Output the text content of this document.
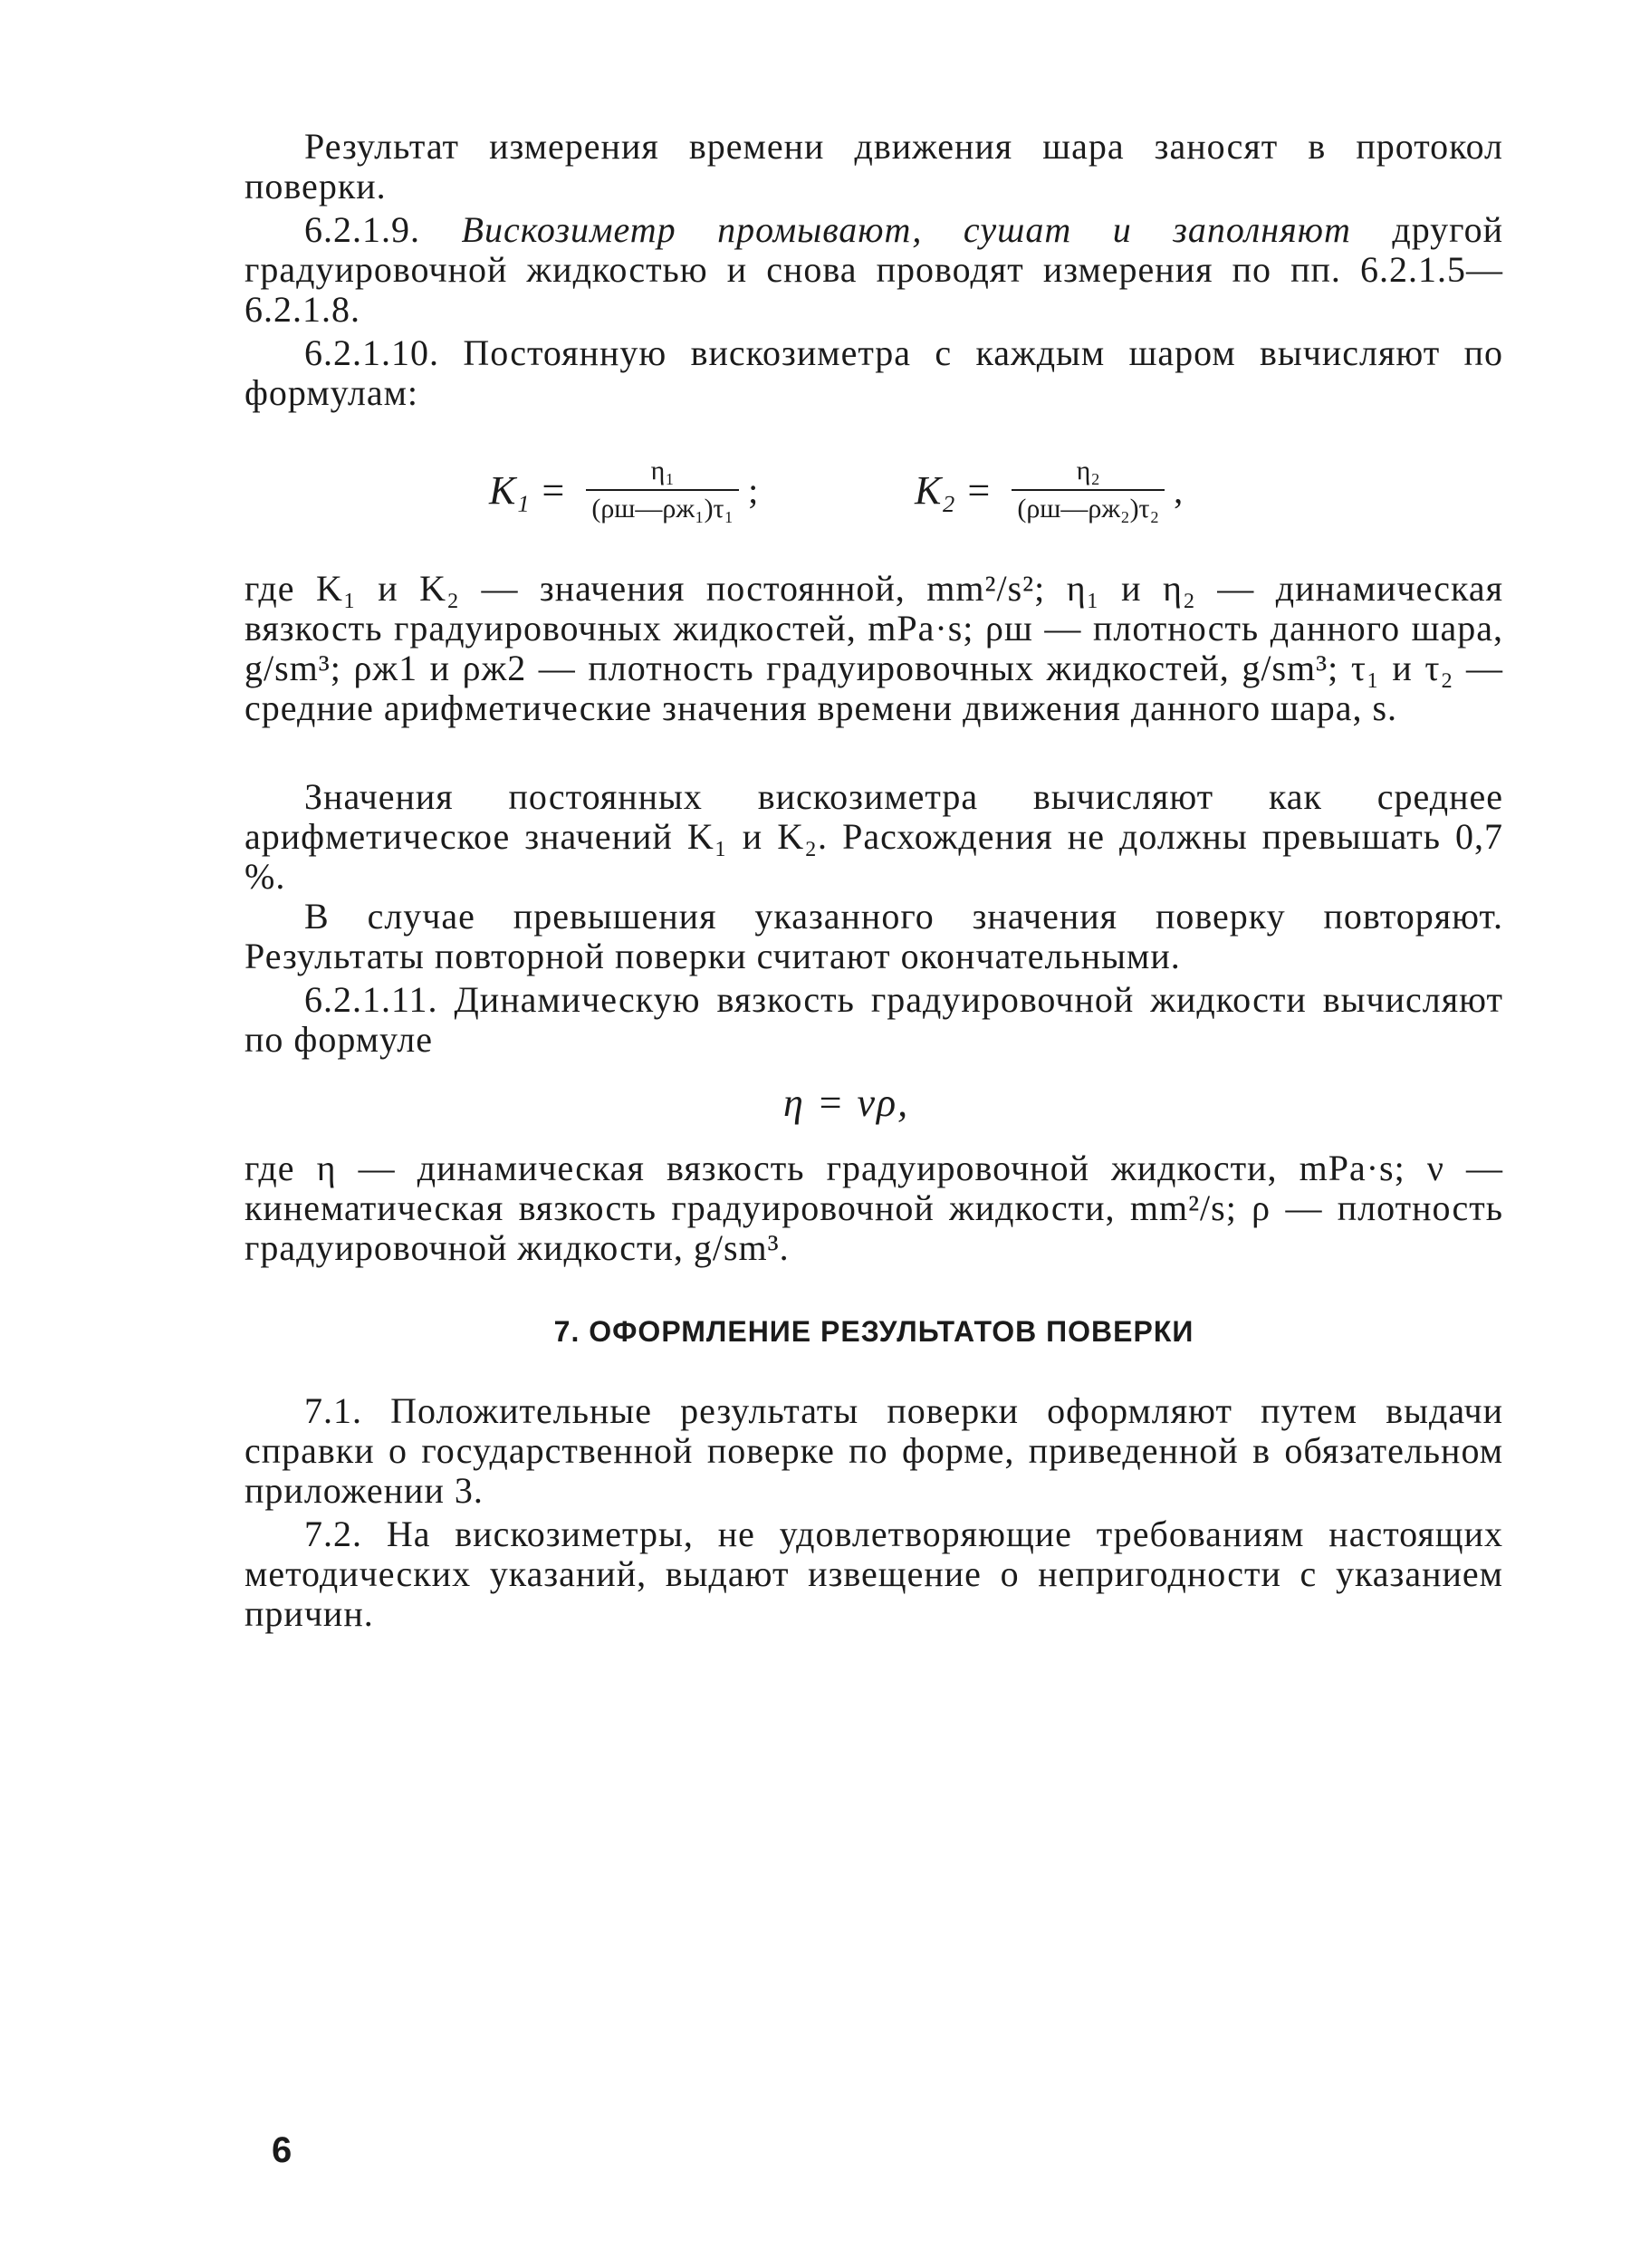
Результат измерения времени движения шара заносят в протокол поверки.

6.2.1.9. Вискозиметр промывают, сушат и заполняют другой градуировочной жидкостью и снова проводят измерения по пп. 6.2.1.5—6.2.1.8.

6.2.1.10. Постоянную вискозиметра с каждым шаром вычисляют по формулам:

$K_1 = \frac{\text{η₁}}{\text{(ρш—ρж₁)τ₁}}$ ;	$K_2 = \frac{\text{η₂}}{\text{(ρш—ρж₂)τ₂}}$ ,

где K₁ и K₂ — значения постоянной, mm²/s²; η₁ и η₂ — динамическая вязкость градуировочных жидкостей, mPa·s; ρш — плотность данного шара, g/sm³; ρж1 и ρж2 — плотность градуировочных жидкостей, g/sm³; τ₁ и τ₂ — средние арифметические значения времени движения данного шара, s.

Значения постоянных вискозиметра вычисляют как среднее арифметическое значений K₁ и K₂. Расхождения не должны превышать 0,7 %.

В случае превышения указанного значения поверку повторяют. Результаты повторной поверки считают окончательными.

6.2.1.11. Динамическую вязкость градуировочной жидкости вычисляют по формуле

η = νρ,

где η — динамическая вязкость градуировочной жидкости, mPa·s; ν — кинематическая вязкость градуировочной жидкости, mm²/s; ρ — плотность градуировочной жидкости, g/sm³.

7. ОФОРМЛЕНИЕ РЕЗУЛЬТАТОВ ПОВЕРКИ

7.1. Положительные результаты поверки оформляют путем выдачи справки о государственной поверке по форме, приведенной в обязательном приложении 3.

7.2. На вискозиметры, не удовлетворяющие требованиям настоящих методических указаний, выдают извещение о непригодности с указанием причин.

6
